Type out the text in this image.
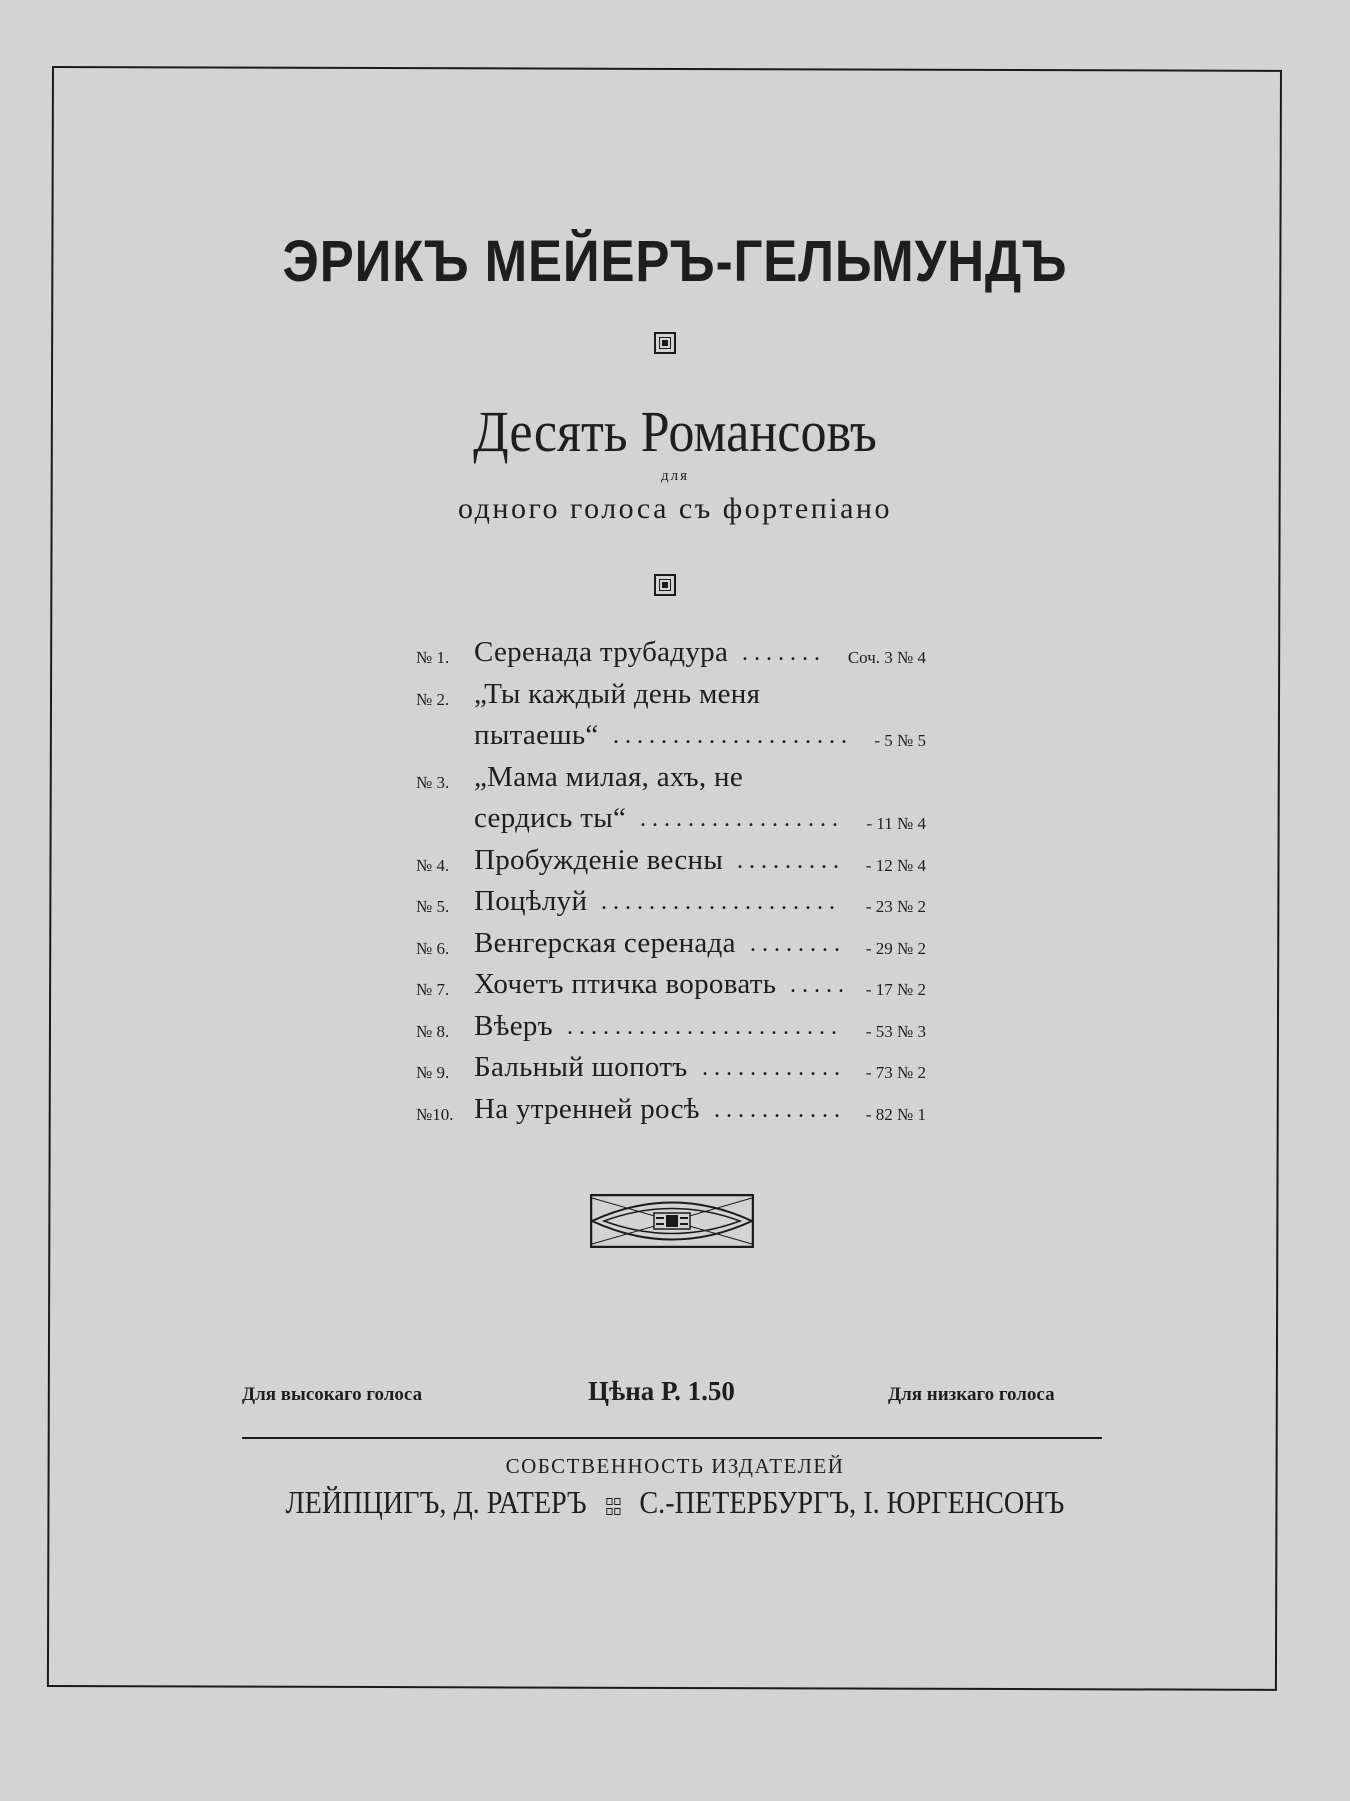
ЭРИКЪ МЕЙЕРЪ-ГЕЛЬМУНДЪ
Десять Романсовъ
для
одного голоса съ фортепіано
№ 1. Серенада трубадура .......	Соч. 3 № 4
№ 2. „Ты каждый день меня
пытаешь“ ....................	- 5 № 5
№ 3. „Мама милая, ахъ, не
сердись ты“ .................	- 11 № 4
№ 4. Пробужденіе весны .........	- 12 № 4
№ 5. Поцѣлуй ....................	- 23 № 2
№ 6. Венгерская серенада ........	- 29 № 2
№ 7. Хочетъ птичка воровать ..... - 17 № 2
№ 8. Вѣеръ .......................	- 53 № 3
№ 9. Бальный шопотъ ............	- 73 № 2
№10. На утренней росѣ ...........	- 82 № 1
Для высокаго голоса	Цѣна Р. 1.50	Для низкаго голоса
СОБСТВЕННОСТЬ ИЗДАТЕЛЕЙ
ЛЕЙПЦИГЪ, Д. РАТЕРЪ С.-ПЕТЕРБУРГЪ, I. ЮРГЕНСОНЪ
